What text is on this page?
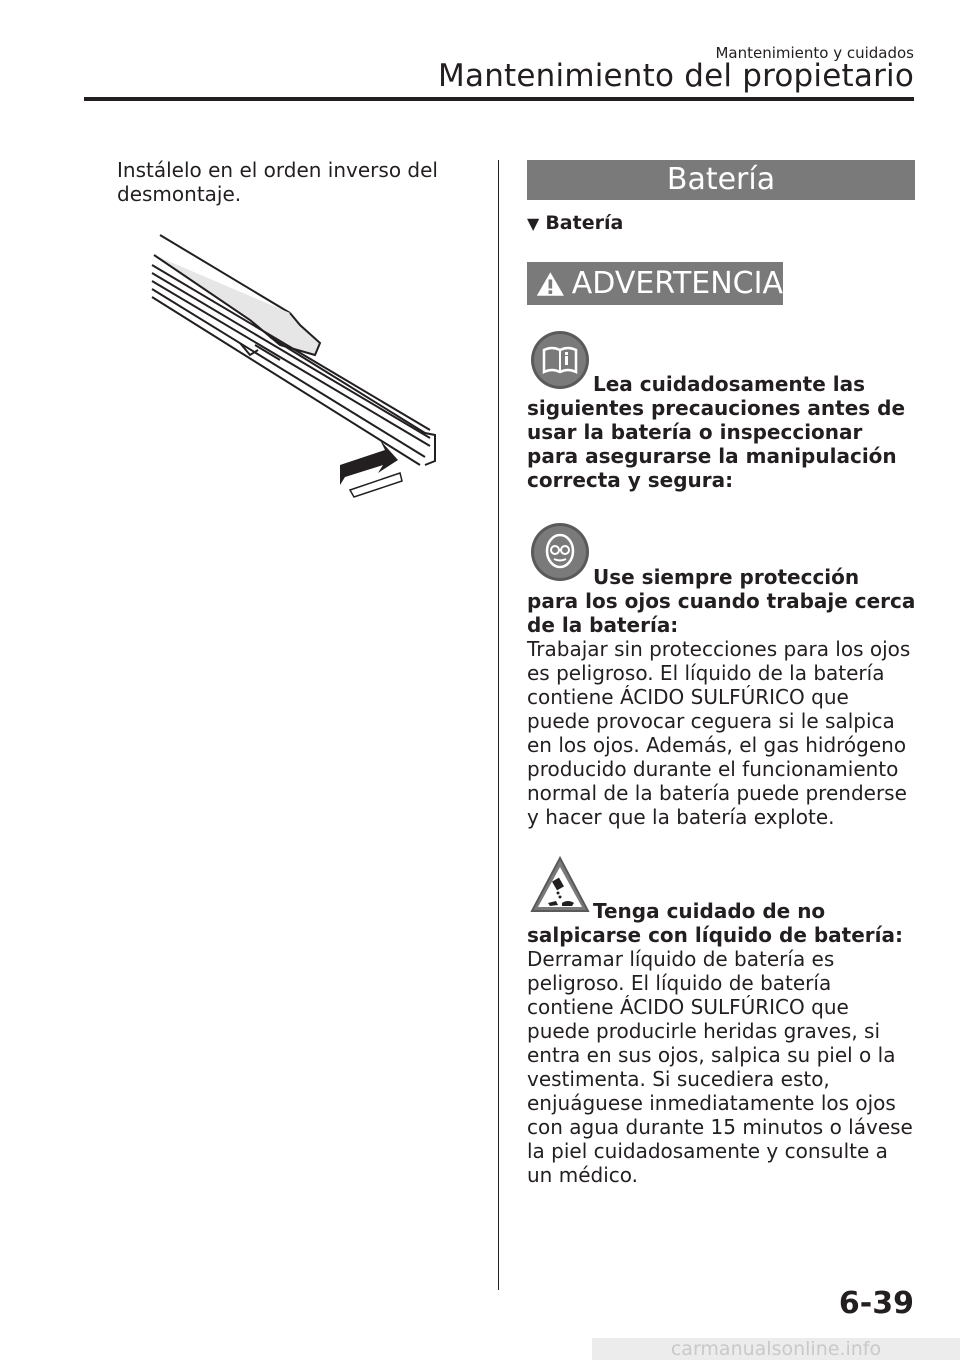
Mantenimiento y cuidados
Mantenimiento del propietario
Instálelo en el orden inverso del desmontaje.	Batería
▼ Batería
ADVERTENCIA
Lea cuidadosamente las siguientes precauciones antes de usar la batería o inspeccionar para asegurarse la manipulación correcta y segura:
Use siempre protección para los ojos cuando trabaje cerca de la batería:
Trabajar sin protecciones para los ojos es peligroso. El líquido de la batería contiene ÁCIDO SULFÚRICO que puede provocar ceguera si le salpica en los ojos. Además, el gas hidrógeno producido durante el funcionamiento normal de la batería puede prenderse y hacer que la batería explote.
Tenga cuidado de no salpicarse con líquido de batería:
Derramar líquido de batería es peligroso. El líquido de batería contiene ÁCIDO SULFÚRICO que puede producirle heridas graves, si entra en sus ojos, salpica su piel o la vestimenta. Si sucediera esto, enjuáguese inmediatamente los ojos con agua durante 15 minutos o lávese la piel cuidadosamente y consulte a un médico.
6-39
carmanualsonline.info
